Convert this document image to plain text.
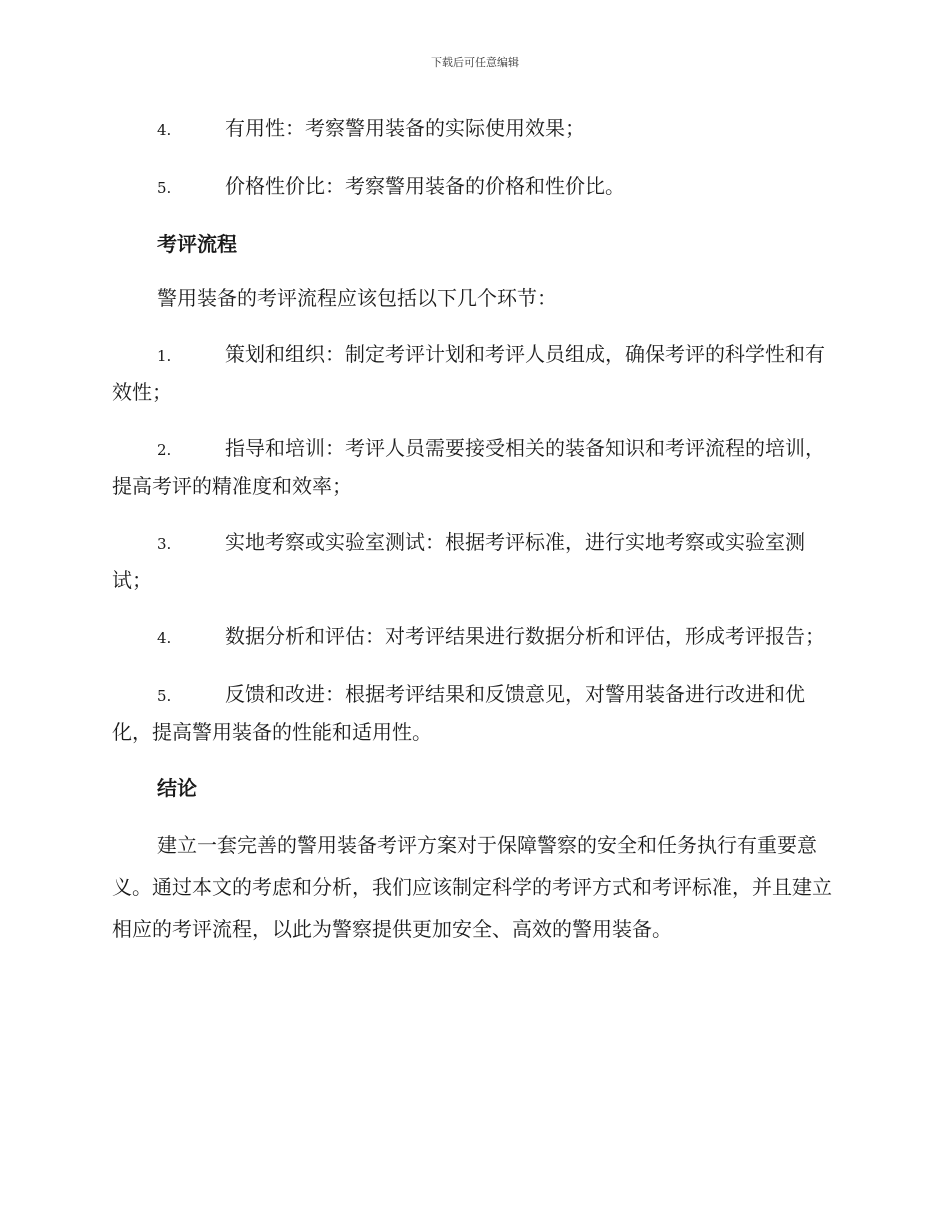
下载后可任意编辑
4.	有用性：考察警用装备的实际使用效果；
5.	价格性价比：考察警用装备的价格和性价比。
考评流程
警用装备的考评流程应该包括以下几个环节：
1.	策划和组织：制定考评计划和考评人员组成，确保考评的科学性和有效性；
2.	指导和培训：考评人员需要接受相关的装备知识和考评流程的培训，提高考评的精准度和效率；
3.	实地考察或实验室测试：根据考评标准，进行实地考察或实验室测试；
4.	数据分析和评估：对考评结果进行数据分析和评估，形成考评报告；
5.	反馈和改进：根据考评结果和反馈意见，对警用装备进行改进和优化，提高警用装备的性能和适用性。
结论
建立一套完善的警用装备考评方案对于保障警察的安全和任务执行有重要意义。通过本文的考虑和分析，我们应该制定科学的考评方式和考评标准，并且建立相应的考评流程，以此为警察提供更加安全、高效的警用装备。
